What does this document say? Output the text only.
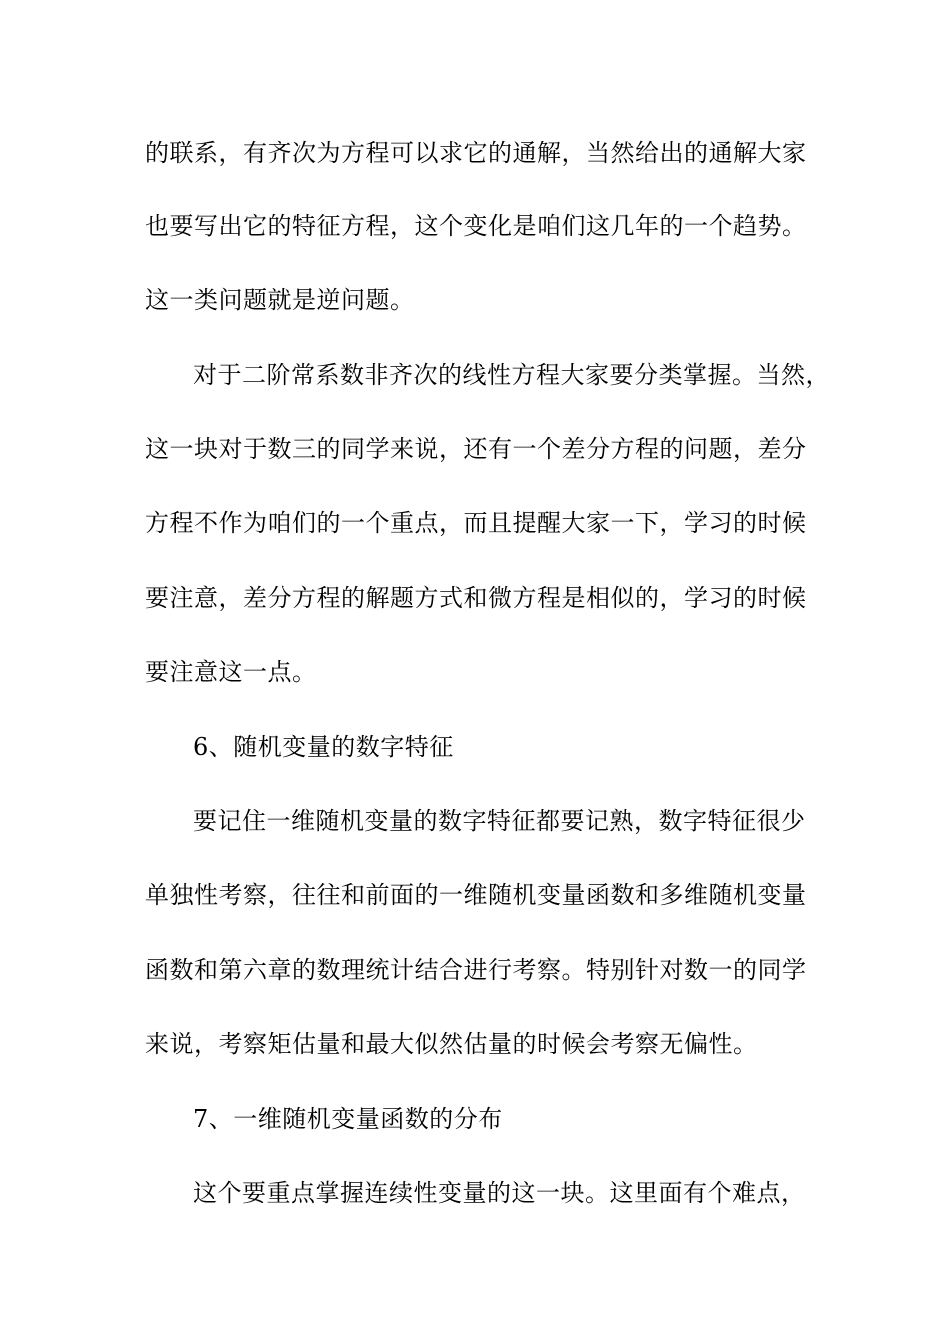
的联系，有齐次为方程可以求它的通解，当然给出的通解大家
也要写出它的特征方程，这个变化是咱们这几年的一个趋势。
这一类问题就是逆问题。
对于二阶常系数非齐次的线性方程大家要分类掌握。当然，
这一块对于数三的同学来说，还有一个差分方程的问题，差分
方程不作为咱们的一个重点，而且提醒大家一下，学习的时候
要注意，差分方程的解题方式和微方程是相似的，学习的时候
要注意这一点。
6、随机变量的数字特征
要记住一维随机变量的数字特征都要记熟，数字特征很少
单独性考察，往往和前面的一维随机变量函数和多维随机变量
函数和第六章的数理统计结合进行考察。特别针对数一的同学
来说，考察矩估量和最大似然估量的时候会考察无偏性。
7、一维随机变量函数的分布
这个要重点掌握连续性变量的这一块。这里面有个难点，
